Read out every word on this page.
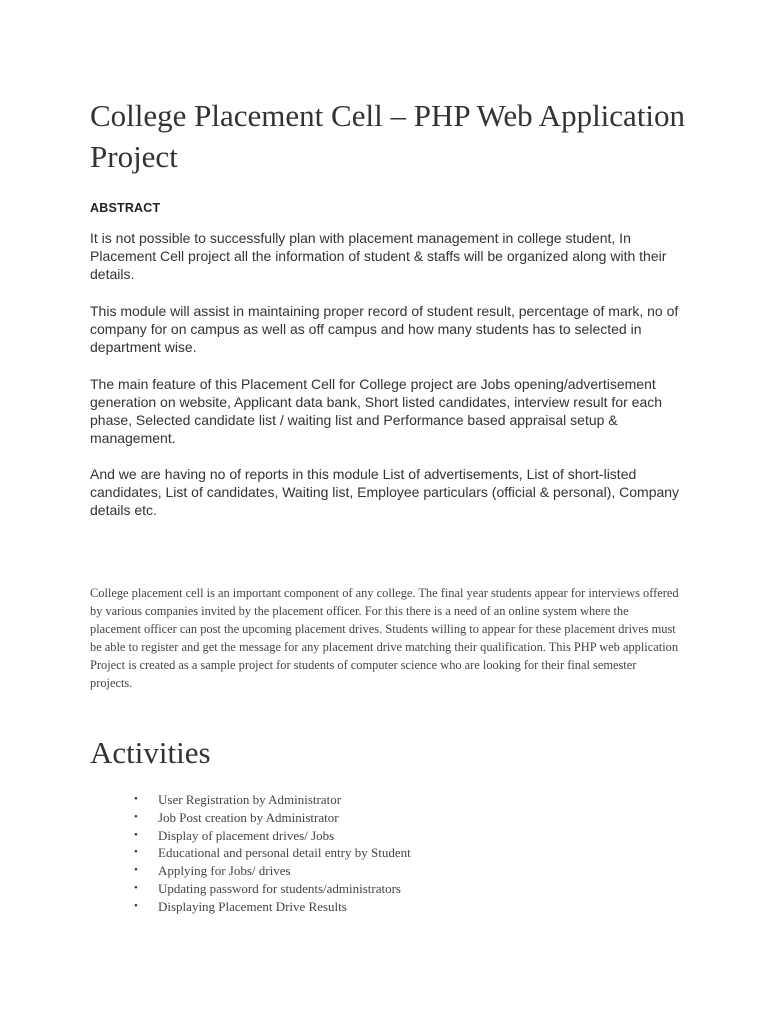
College Placement Cell – PHP Web Application Project
ABSTRACT

It is not possible to successfully plan with placement management in college student, In Placement Cell project all the information of student & staffs will be organized along with their details.

This module will assist in maintaining proper record of student result, percentage of mark, no of company for on campus as well as off campus and how many students has to selected in department wise.

The main feature of this Placement Cell for College project are Jobs opening/advertisement generation on website, Applicant data bank, Short listed candidates, interview result for each phase, Selected candidate list / waiting list and Performance based appraisal setup & management.

And we are having no of reports in this module List of advertisements, List of short-listed candidates, List of candidates, Waiting list, Employee particulars (official & personal), Company details etc.

College placement cell is an important component of any college. The final year students appear for interviews offered by various companies invited by the placement officer. For this there is a need of an online system where the placement officer can post the upcoming placement drives. Students willing to appear for these placement drives must be able to register and get the message for any placement drive matching their qualification. This PHP web application Project is created as a sample project for students of computer science who are looking for their final semester projects.

Activities
• User Registration by Administrator
• Job Post creation by Administrator
• Display of placement drives/ Jobs
• Educational and personal detail entry by Student
• Applying for Jobs/ drives
• Updating password for students/administrators
• Displaying Placement Drive Results
